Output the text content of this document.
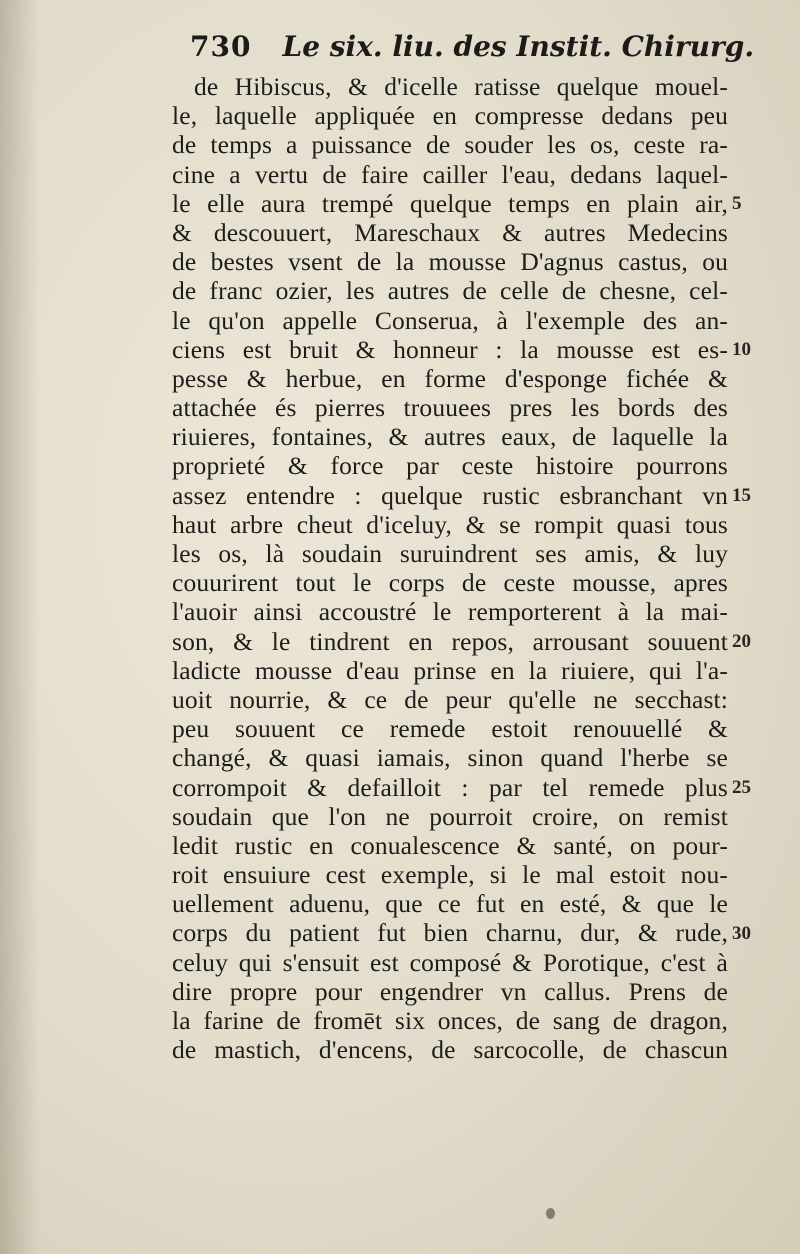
730 Le six. liu. des Instit. Chirurg.
de Hibiscus, & d'icelle ratisse quelque mouel-
le, laquelle appliquée en compresse dedans peu
de temps a puissance de souder les os, ceste ra-
cine a vertu de faire cailler l'eau, dedans laquel-
le elle aura trempé quelque temps en plain air,
& descouuert, Mareschaux & autres Medecins
de bestes vsent de la mousse D'agnus castus, ou
de franc ozier, les autres de celle de chesne, cel-
le qu'on appelle Conserua, à l'exemple des an-
ciens est bruit & honneur : la mousse est es-
pesse & herbue, en forme d'esponge fichée &
attachée és pierres trouuees pres les bords des
riuieres, fontaines, & autres eaux, de laquelle la
proprieté & force par ceste histoire pourrons
assez entendre : quelque rustic esbranchant vn
haut arbre cheut d'iceluy, & se rompit quasi tous
les os, là soudain suruindrent ses amis, & luy
couurirent tout le corps de ceste mousse, apres
l'auoir ainsi accoustré le remporterent à la mai-
son, & le tindrent en repos, arrousant souuent
ladicte mousse d'eau prinse en la riuiere, qui l'a-
uoit nourrie, & ce de peur qu'elle ne secchast:
peu souuent ce remede estoit renouuellé &
changé, & quasi iamais, sinon quand l'herbe se
corrompoit & defailloit : par tel remede plus
soudain que l'on ne pourroit croire, on remist
ledit rustic en conualescence & santé, on pour-
roit ensuiure cest exemple, si le mal estoit nou-
uellement aduenu, que ce fut en esté, & que le
corps du patient fut bien charnu, dur, & rude,
celuy qui s'ensuit est composé & Porotique, c'est à
dire propre pour engendrer vn callus. Prens de
la farine de fromēt six onces, de sang de dragon,
de mastich, d'encens, de sarcocolle, de chascun
5
10
15
20
25
30
